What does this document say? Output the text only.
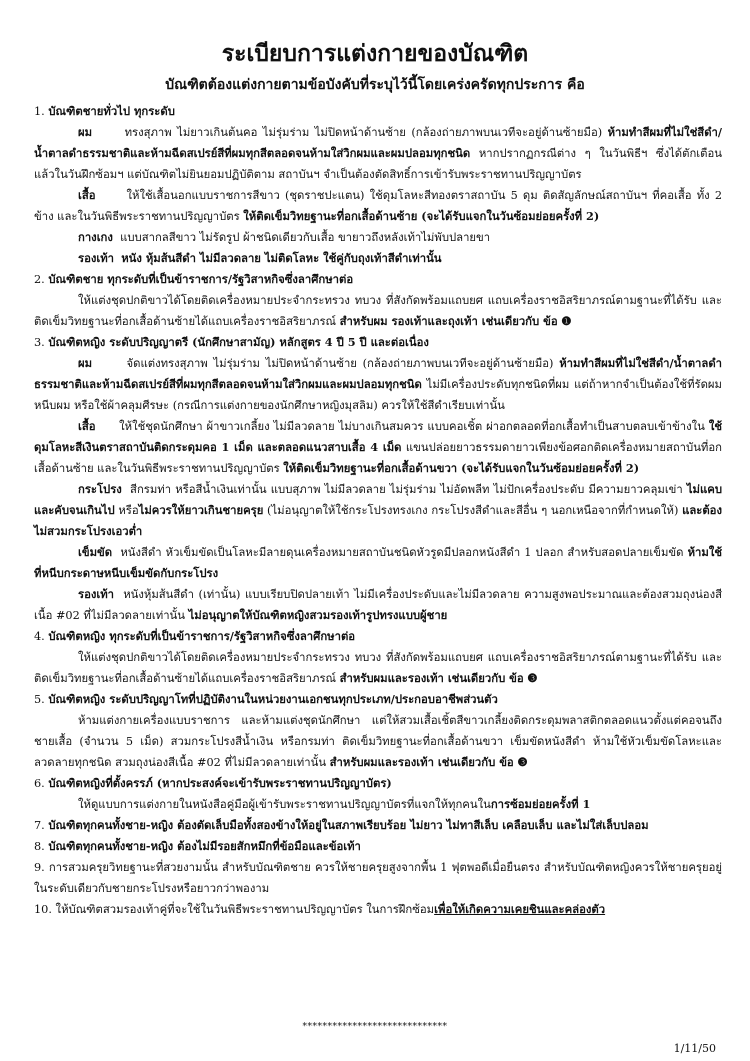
ระเบียบการแต่งกายของบัณฑิต
บัณฑิตต้องแต่งกายตามข้อบังคับที่ระบุไว้นี้โดยเคร่งครัดทุกประการ คือ

1. บัณฑิตชายทั่วไป ทุกระดับ

ผม	ทรงสุภาพ ไม่ยาวเกินต้นคอ ไม่รุ่มร่าม ไม่ปิดหน้าด้านซ้าย (กล้องถ่ายภาพบนเวทีจะอยู่ด้านซ้ายมือ) ห้ามทำสีผมที่ไม่ใช่สีดำ/น้ำตาลดำธรรมชาติและห้ามฉีดสเปรย์สีที่ผมทุกสีตลอดจนห้ามใส่วิกผมและผมปลอมทุกชนิด หากปรากฏกรณีต่าง ๆ ในวันพิธีฯ ซึ่งได้ตักเตือนแล้วในวันฝึกซ้อมฯ แต่บัณฑิตไม่ยินยอมปฏิบัติตาม สถาบันฯ จำเป็นต้องตัดสิทธิ์การเข้ารับพระราชทานปริญญาบัตร

เสื้อ	ให้ใช้เสื้อนอกแบบราชการสีขาว (ชุดราชปะแตน) ใช้ดุมโลหะสีทองตราสถาบัน 5 ดุม ติดสัญลักษณ์สถาบันฯ ที่คอเสื้อ ทั้ง 2 ข้าง และในวันพิธีพระราชทานปริญญาบัตร ให้ติดเข็มวิทยฐานะที่อกเสื้อด้านซ้าย (จะได้รับแจกในวันซ้อมย่อยครั้งที่ 2)

กางเกง แบบสากลสีขาว ไม่รัดรูป ผ้าชนิดเดียวกับเสื้อ ขายาวถึงหลังเท้าไม่พับปลายขา

รองเท้า หนัง หุ้มส้นสีดำ ไม่มีลวดลาย ไม่ติดโลหะ ใช้คู่กับถุงเท้าสีดำเท่านั้น

2. บัณฑิตชาย ทุกระดับที่เป็นข้าราชการ/รัฐวิสาหกิจซึ่งลาศึกษาต่อ

ให้แต่งชุดปกติขาวได้โดยติดเครื่องหมายประจำกระทรวง ทบวง ที่สังกัดพร้อมแถบยศ แถบเครื่องราชอิสริยาภรณ์ตามฐานะที่ได้รับ และติดเข็มวิทยฐานะที่อกเสื้อด้านซ้ายได้แถบเครื่องราชอิสริยาภรณ์ สำหรับผม รองเท้าและถุงเท้า เช่นเดียวกับ ข้อ ❶

3. บัณฑิตหญิง ระดับปริญญาตรี (นักศึกษาสามัญ) หลักสูตร 4 ปี 5 ปี และต่อเนื่อง

ผม	จัดแต่งทรงสุภาพ ไม่รุ่มร่าม ไม่ปิดหน้าด้านซ้าย (กล้องถ่ายภาพบนเวทีจะอยู่ด้านซ้ายมือ) ห้ามทำสีผมที่ไม่ใช่สีดำ/น้ำตาลดำธรรมชาติและห้ามฉีดสเปรย์สีที่ผมทุกสีตลอดจนห้ามใส่วิกผมและผมปลอมทุกชนิด ไม่มีเครื่องประดับทุกชนิดที่ผม แต่ถ้าหากจำเป็นต้องใช้ที่รัดผม หนีบผม หรือใช้ผ้าคลุมศีรษะ (กรณีการแต่งกายของนักศึกษาหญิงมุสลิม) ควรให้ใช้สีดำเรียบเท่านั้น

เสื้อ ให้ใช้ชุดนักศึกษา ผ้าขาวเกลี้ยง ไม่มีลวดลาย ไม่บางเกินสมควร แบบคอเชิ้ต ผ่าอกตลอดที่อกเสื้อทำเป็นสาบตลบเข้าข้างใน ใช้ดุมโลหะสีเงินตราสถาบันติดกระดุมคอ 1 เม็ด และตลอดแนวสาบเสื้อ 4 เม็ด แขนปล่อยยาวธรรมดายาวเพียงข้อศอกติดเครื่องหมายสถาบันที่อกเสื้อด้านซ้าย และในวันพิธีพระราชทานปริญญาบัตร ให้ติดเข็มวิทยฐานะที่อกเสื้อด้านขวา (จะได้รับแจกในวันซ้อมย่อยครั้งที่ 2)

กระโปรง สีกรมท่า หรือสีน้ำเงินเท่านั้น แบบสุภาพ ไม่มีลวดลาย ไม่รุ่มร่าม ไม่อัดพลีท ไม่ปักเครื่องประดับ มีความยาวคลุมเข่า ไม่แคบและคับจนเกินไป หรือไม่ควรให้ยาวเกินชายครุย (ไม่อนุญาตให้ใช้กระโปรงทรงเกง กระโปรงสีดำและสีอื่น ๆ นอกเหนือจากที่กำหนดให้) และต้องไม่สวมกระโปรงเอวต่ำ

เข็มขัด หนังสีดำ หัวเข็มขัดเป็นโลหะมีลายดุนเครื่องหมายสถาบันชนิดหัวรูดมีปลอกหนังสีดำ 1 ปลอก สำหรับสอดปลายเข็มขัด ห้ามใช้ที่หนีบกระดาษหนีบเข็มขัดกับกระโปรง

รองเท้า หนังหุ้มส้นสีดำ (เท่านั้น) แบบเรียบปิดปลายเท้า ไม่มีเครื่องประดับและไม่มีลวดลาย ความสูงพอประมาณและต้องสวมถุงน่องสีเนื้อ #02 ที่ไม่มีลวดลายเท่านั้น ไม่อนุญาตให้บัณฑิตหญิงสวมรองเท้ารูปทรงแบบผู้ชาย

4. บัณฑิตหญิง ทุกระดับที่เป็นข้าราชการ/รัฐวิสาหกิจซึ่งลาศึกษาต่อ

ให้แต่งชุดปกติขาวได้โดยติดเครื่องหมายประจำกระทรวง ทบวง ที่สังกัดพร้อมแถบยศ แถบเครื่องราชอิสริยาภรณ์ตามฐานะที่ได้รับ และติดเข็มวิทยฐานะที่อกเสื้อด้านซ้ายได้แถบเครื่องราชอิสริยาภรณ์ สำหรับผมและรองเท้า เช่นเดียวกับ ข้อ ❸

5. บัณฑิตหญิง ระดับปริญญาโทที่ปฏิบัติงานในหน่วยงานเอกชนทุกประเภท/ประกอบอาชีพส่วนตัว

ห้ามแต่งกายเครื่องแบบราชการ และห้ามแต่งชุดนักศึกษา แต่ให้สวมเสื้อเชิ้ตสีขาวเกลี้ยงติดกระดุมพลาสติกตลอดแนวตั้งแต่คอจนถึงชายเสื้อ (จำนวน 5 เม็ด) สวมกระโปรงสีน้ำเงิน หรือกรมท่า ติดเข็มวิทยฐานะที่อกเสื้อด้านขวา เข็มขัดหนังสีดำ ห้ามใช้หัวเข็มขัดโลหะและลวดลายทุกชนิด สวมถุงน่องสีเนื้อ #02 ที่ไม่มีลวดลายเท่านั้น สำหรับผมและรองเท้า เช่นเดียวกับ ข้อ ❸

6. บัณฑิตหญิงที่ตั้งครรภ์ (หากประสงค์จะเข้ารับพระราชทานปริญญาบัตร)

ให้ดูแบบการแต่งกายในหนังสือคู่มือผู้เข้ารับพระราชทานปริญญาบัตรที่แจกให้ทุกคนในการซ้อมย่อยครั้งที่ 1

7. บัณฑิตทุกคนทั้งชาย-หญิง ต้องตัดเล็บมือทั้งสองข้างให้อยู่ในสภาพเรียบร้อย ไม่ยาว ไม่ทาสีเล็บ เคลือบเล็บ และไม่ใส่เล็บปลอม

8. บัณฑิตทุกคนทั้งชาย-หญิง ต้องไม่มีรอยสักหมึกที่ข้อมือและข้อเท้า

9. การสวมครุยวิทยฐานะที่สวยงามนั้น สำหรับบัณฑิตชาย ควรให้ชายครุยสูงจากพื้น 1 ฟุตพอดีเมื่อยืนตรง สำหรับบัณฑิตหญิงควรให้ชายครุยอยู่ในระดับเดียวกับชายกระโปรงหรือยาวกว่าพองาม

10. ให้บัณฑิตสวมรองเท้าคู่ที่จะใช้ในวันพิธีพระราชทานปริญญาบัตร ในการฝึกซ้อมเพื่อให้เกิดความเคยชินและคล่องตัว

*****************************
1/11/50
